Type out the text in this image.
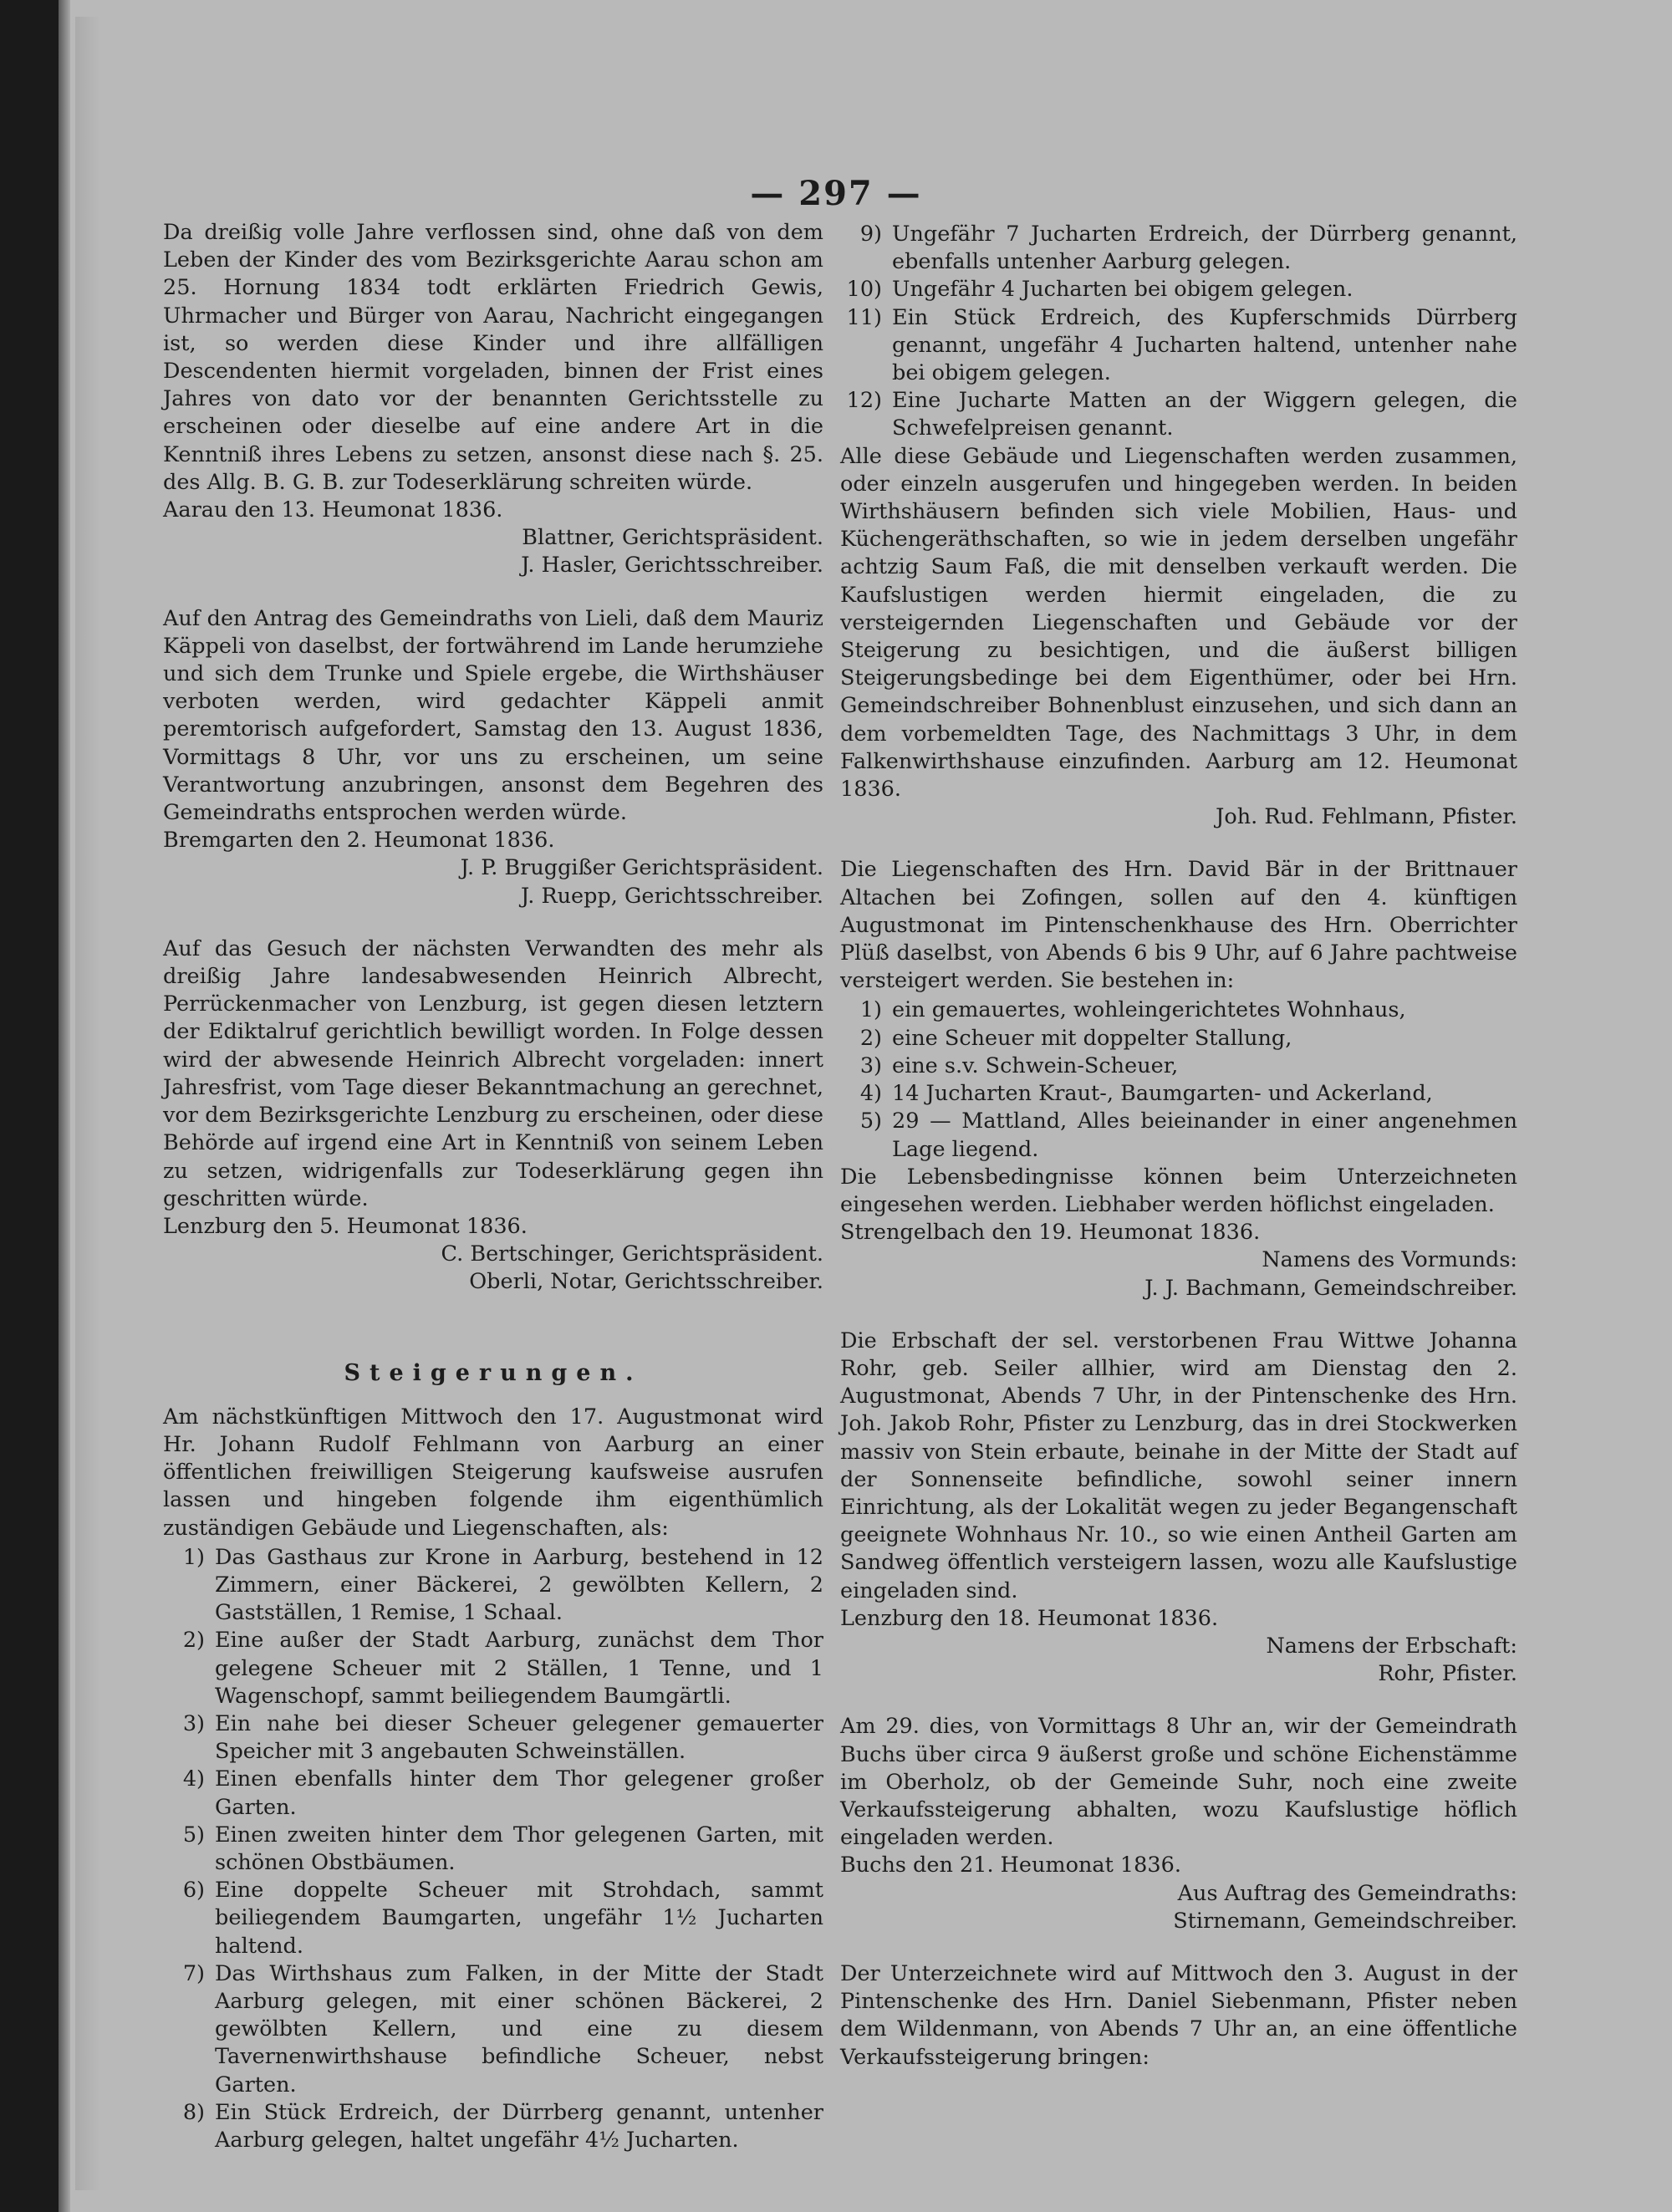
— 297 —

Da dreißig volle Jahre verflossen sind, ohne daß von dem Leben der Kinder des vom Bezirksgerichte Aarau schon am 25. Hornung 1834 todt erklärten Friedrich Gewis, Uhrmacher und Bürger von Aarau, Nachricht eingegangen ist, so werden diese Kinder und ihre allfälligen Descendenten hiermit vorgeladen, binnen der Frist eines Jahres von dato vor der benannten Gerichtsstelle zu erscheinen oder dieselbe auf eine andere Art in die Kenntniß ihres Lebens zu setzen, ansonst diese nach §. 25. des Allg. B. G. B. zur Todeserklärung schreiten würde.

Aarau den 13. Heumonat 1836.

Blattner, Gerichtspräsident.

J. Hasler, Gerichtsschreiber.

Auf den Antrag des Gemeindraths von Lieli, daß dem Mauriz Käppeli von daselbst, der fortwährend im Lande herumziehe und sich dem Trunke und Spiele ergebe, die Wirthshäuser verboten werden, wird gedachter Käppeli anmit peremtorisch aufgefordert, Samstag den 13. August 1836, Vormittags 8 Uhr, vor uns zu erscheinen, um seine Verantwortung anzubringen, ansonst dem Begehren des Gemeindraths entsprochen werden würde.

Bremgarten den 2. Heumonat 1836.

J. P. Bruggißer Gerichtspräsident.

J. Ruepp, Gerichtsschreiber.

Auf das Gesuch der nächsten Verwandten des mehr als dreißig Jahre landesabwesenden Heinrich Albrecht, Perrückenmacher von Lenzburg, ist gegen diesen letztern der Ediktalruf gerichtlich bewilligt worden. In Folge dessen wird der abwesende Heinrich Albrecht vorgeladen: innert Jahresfrist, vom Tage dieser Bekanntmachung an gerechnet, vor dem Bezirksgerichte Lenzburg zu erscheinen, oder diese Behörde auf irgend eine Art in Kenntniß von seinem Leben zu setzen, widrigenfalls zur Todeserklärung gegen ihn geschritten würde.

Lenzburg den 5. Heumonat 1836.

C. Bertschinger, Gerichtspräsident.

Oberli, Notar, Gerichtsschreiber.

Steigerungen.

Am nächstkünftigen Mittwoch den 17. Augustmonat wird Hr. Johann Rudolf Fehlmann von Aarburg an einer öffentlichen freiwilligen Steigerung kaufsweise ausrufen lassen und hingeben folgende ihm eigenthümlich zuständigen Gebäude und Liegenschaften, als:

1) Das Gasthaus zur Krone in Aarburg, bestehend in 12 Zimmern, einer Bäckerei, 2 gewölbten Kellern, 2 Gastställen, 1 Remise, 1 Schaal.
2) Eine außer der Stadt Aarburg, zunächst dem Thor gelegene Scheuer mit 2 Ställen, 1 Tenne, und 1 Wagenschopf, sammt beiliegendem Baumgärtli.
3) Ein nahe bei dieser Scheuer gelegener gemauerter Speicher mit 3 angebauten Schweinställen.
4) Einen ebenfalls hinter dem Thor gelegener großer Garten.
5) Einen zweiten hinter dem Thor gelegenen Garten, mit schönen Obstbäumen.
6) Eine doppelte Scheuer mit Strohdach, sammt beiliegendem Baumgarten, ungefähr 1½ Jucharten haltend.
7) Das Wirthshaus zum Falken, in der Mitte der Stadt Aarburg gelegen, mit einer schönen Bäckerei, 2 gewölbten Kellern, und eine zu diesem Tavernenwirthshause befindliche Scheuer, nebst Garten.
8) Ein Stück Erdreich, der Dürrberg genannt, untenher Aarburg gelegen, haltet ungefähr 4½ Jucharten.
9) Ungefähr 7 Jucharten Erdreich, der Dürrberg genannt, ebenfalls untenher Aarburg gelegen.
10) Ungefähr 4 Jucharten bei obigem gelegen.
11) Ein Stück Erdreich, des Kupferschmids Dürrberg genannt, ungefähr 4 Jucharten haltend, untenher nahe bei obigem gelegen.
12) Eine Jucharte Matten an der Wiggern gelegen, die Schwefelpreisen genannt.

Alle diese Gebäude und Liegenschaften werden zusammen, oder einzeln ausgerufen und hingegeben werden. In beiden Wirthshäusern befinden sich viele Mobilien, Haus- und Küchengeräthschaften, so wie in jedem derselben ungefähr achtzig Saum Faß, die mit denselben verkauft werden. Die Kaufslustigen werden hiermit eingeladen, die zu versteigernden Liegenschaften und Gebäude vor der Steigerung zu besichtigen, und die äußerst billigen Steigerungsbedinge bei dem Eigenthümer, oder bei Hrn. Gemeindschreiber Bohnenblust einzusehen, und sich dann an dem vorbemeldten Tage, des Nachmittags 3 Uhr, in dem Falkenwirthshause einzufinden. Aarburg am 12. Heumonat 1836.

Joh. Rud. Fehlmann, Pfister.

Die Liegenschaften des Hrn. David Bär in der Brittnauer Altachen bei Zofingen, sollen auf den 4. künftigen Augustmonat im Pintenschenkhause des Hrn. Oberrichter Plüß daselbst, von Abends 6 bis 9 Uhr, auf 6 Jahre pachtweise versteigert werden. Sie bestehen in:

1) ein gemauertes, wohleingerichtetes Wohnhaus,
2) eine Scheuer mit doppelter Stallung,
3) eine s.v. Schwein-Scheuer,
4) 14 Jucharten Kraut-, Baumgarten- und Ackerland,
5) 29 — Mattland, Alles beieinander in einer angenehmen Lage liegend.

Die Lebensbedingnisse können beim Unterzeichneten eingesehen werden. Liebhaber werden höflichst eingeladen.

Strengelbach den 19. Heumonat 1836.

Namens des Vormunds:

J. J. Bachmann, Gemeindschreiber.

Die Erbschaft der sel. verstorbenen Frau Wittwe Johanna Rohr, geb. Seiler allhier, wird am Dienstag den 2. Augustmonat, Abends 7 Uhr, in der Pintenschenke des Hrn. Joh. Jakob Rohr, Pfister zu Lenzburg, das in drei Stockwerken massiv von Stein erbaute, beinahe in der Mitte der Stadt auf der Sonnenseite befindliche, sowohl seiner innern Einrichtung, als der Lokalität wegen zu jeder Begangenschaft geeignete Wohnhaus Nr. 10., so wie einen Antheil Garten am Sandweg öffentlich versteigern lassen, wozu alle Kaufslustige eingeladen sind.

Lenzburg den 18. Heumonat 1836.

Namens der Erbschaft:

Rohr, Pfister.

Am 29. dies, von Vormittags 8 Uhr an, wir der Gemeindrath Buchs über circa 9 äußerst große und schöne Eichenstämme im Oberholz, ob der Gemeinde Suhr, noch eine zweite Verkaufssteigerung abhalten, wozu Kaufslustige höflich eingeladen werden.

Buchs den 21. Heumonat 1836.

Aus Auftrag des Gemeindraths:

Stirnemann, Gemeindschreiber.

Der Unterzeichnete wird auf Mittwoch den 3. August in der Pintenschenke des Hrn. Daniel Siebenmann, Pfister neben dem Wildenmann, von Abends 7 Uhr an, an eine öffentliche Verkaufssteigerung bringen:
